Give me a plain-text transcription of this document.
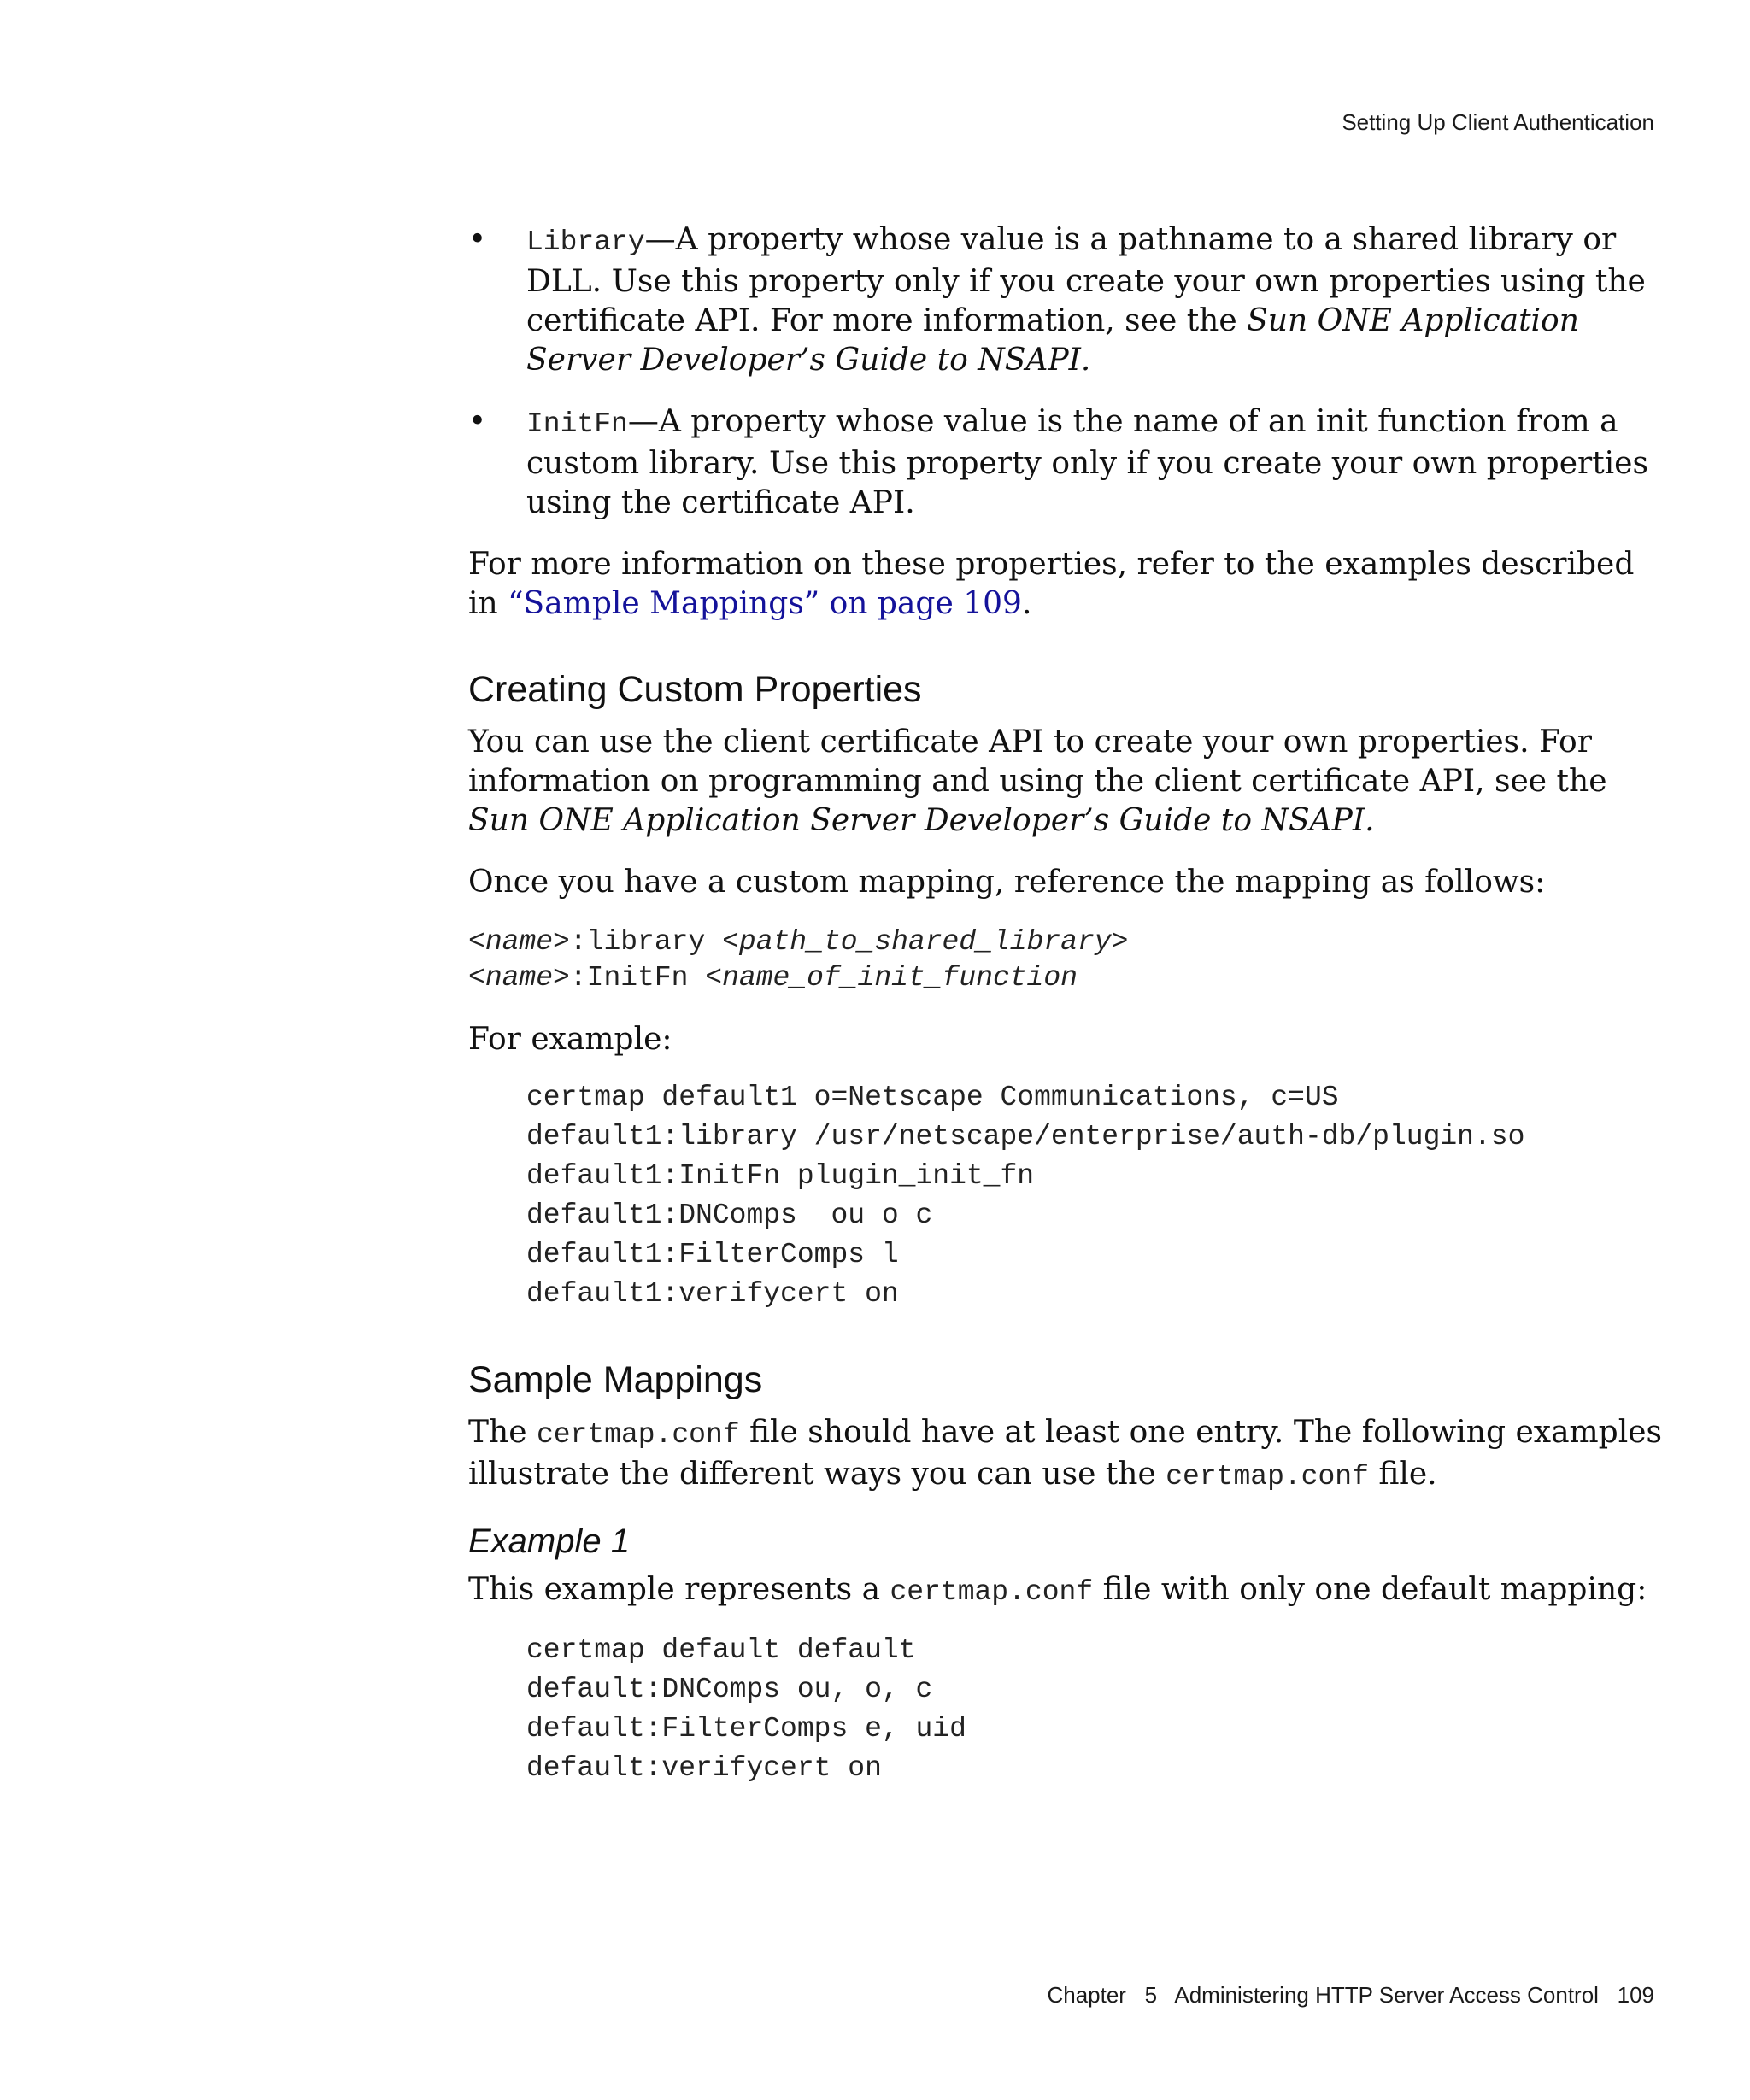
Setting Up Client Authentication
• Library—A property whose value is a pathname to a shared library or DLL. Use this property only if you create your own properties using the certificate API. For more information, see the Sun ONE Application Server Developer’s Guide to NSAPI.
• InitFn—A property whose value is the name of an init function from a custom library. Use this property only if you create your own properties using the certificate API.

For more information on these properties, refer to the examples described in “Sample Mappings” on page 109.

Creating Custom Properties

You can use the client certificate API to create your own properties. For information on programming and using the client certificate API, see the Sun ONE Application Server Developer’s Guide to NSAPI.

Once you have a custom mapping, reference the mapping as follows:

<name>:library <path_to_shared_library>
<name>:InitFn <name_of_init_function

For example:

certmap default1 o=Netscape Communications, c=US
default1:library /usr/netscape/enterprise/auth-db/plugin.so
default1:InitFn plugin_init_fn
default1:DNComps  ou o c
default1:FilterComps l
default1:verifycert on
Sample Mappings

The certmap.conf file should have at least one entry. The following examples illustrate the different ways you can use the certmap.conf file.

Example 1

This example represents a certmap.conf file with only one default mapping:

certmap default default
default:DNComps ou, o, c
default:FilterComps e, uid
default:verifycert on
Chapter 5 Administering HTTP Server Access Control 109
